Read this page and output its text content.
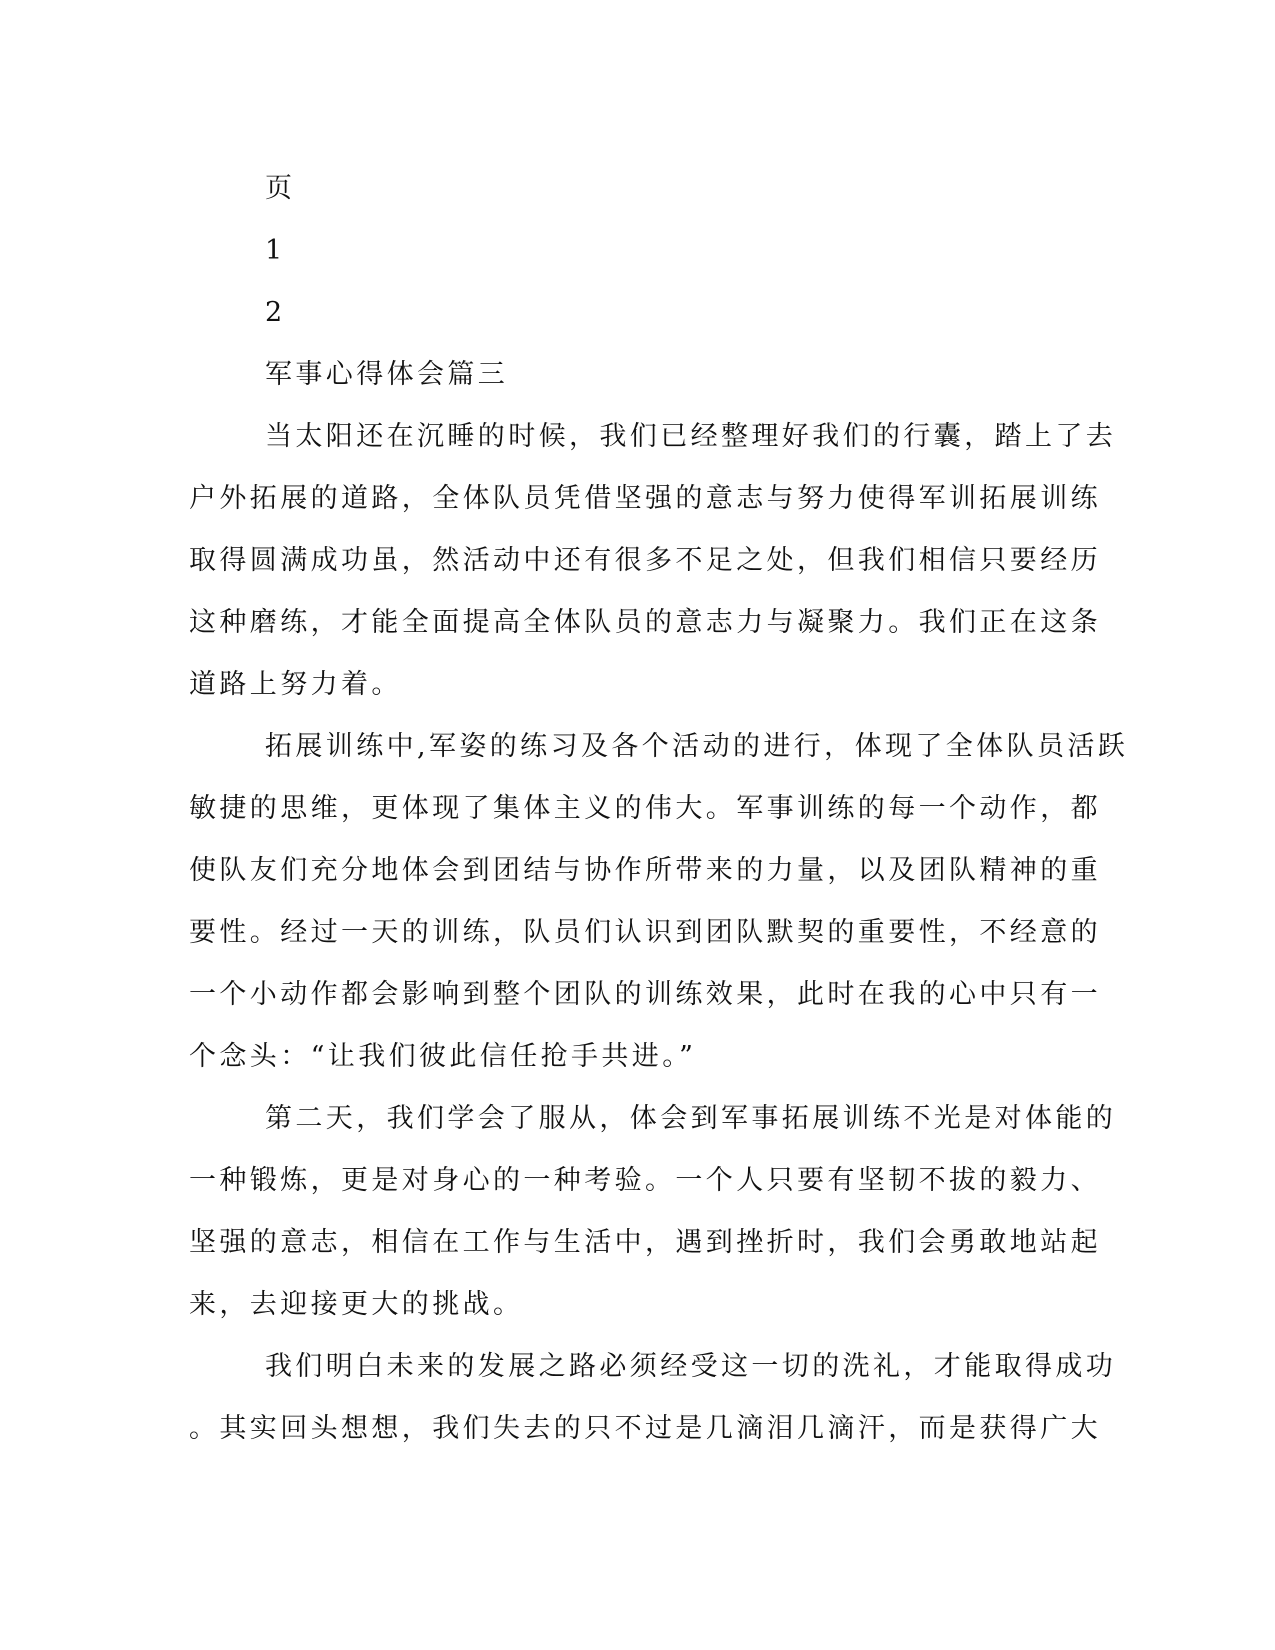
页
1
2
军事心得体会篇三
当太阳还在沉睡的时候，我们已经整理好我们的行囊，踏上了去
户外拓展的道路，全体队员凭借坚强的意志与努力使得军训拓展训练
取得圆满成功虽，然活动中还有很多不足之处，但我们相信只要经历
这种磨练，才能全面提高全体队员的意志力与凝聚力。我们正在这条
道路上努力着。
拓展训练中,军姿的练习及各个活动的进行，体现了全体队员活跃
敏捷的思维，更体现了集体主义的伟大。军事训练的每一个动作，都
使队友们充分地体会到团结与协作所带来的力量，以及团队精神的重
要性。经过一天的训练，队员们认识到团队默契的重要性，不经意的
一个小动作都会影响到整个团队的训练效果，此时在我的心中只有一
个念头：“让我们彼此信任抢手共进。”
第二天，我们学会了服从，体会到军事拓展训练不光是对体能的
一种锻炼，更是对身心的一种考验。一个人只要有坚韧不拔的毅力、
坚强的意志，相信在工作与生活中，遇到挫折时，我们会勇敢地站起
来，去迎接更大的挑战。
我们明白未来的发展之路必须经受这一切的洗礼，才能取得成功
。其实回头想想，我们失去的只不过是几滴泪几滴汗，而是获得广大
